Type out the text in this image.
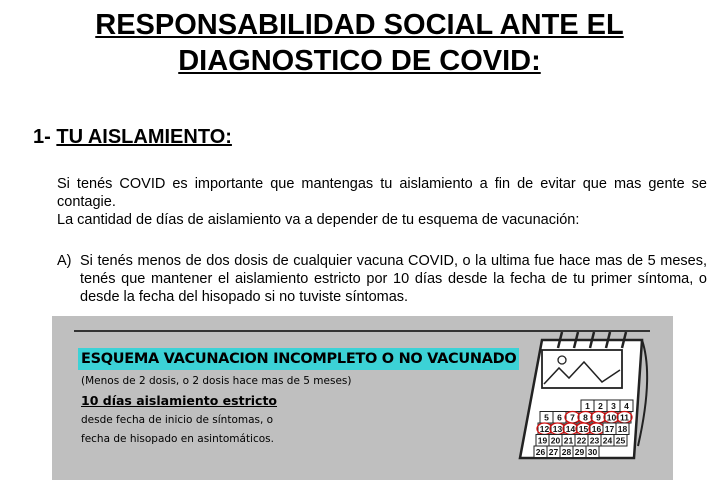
RESPONSABILIDAD SOCIAL ANTE EL
DIAGNOSTICO DE COVID:
1- TU AISLAMIENTO:
Si tenés COVID es importante que mantengas tu aislamiento a fin de evitar que mas gente se contagie.
La cantidad de días de aislamiento va a depender de tu esquema de vacunación:
A) Si tenés menos de dos dosis de cualquier vacuna COVID, o la ultima fue hace mas de 5 meses, tenés que mantener el aislamiento estricto por 10 días desde la fecha de tu primer síntoma, o desde la fecha del hisopado si no tuviste síntomas.
ESQUEMA VACUNACION INCOMPLETO O NO VACUNADO
(Menos de 2 dosis, o 2 dosis hace mas de 5 meses)
10 días aislamiento estricto
desde fecha de inicio de síntomas, o
fecha de hisopado en asintomáticos.
1 2 3 4
5 6 7 8 9 10 11
12 13 14 15 16 17 18
19 20 21 22 23 24 25
26 27 28 29 30
